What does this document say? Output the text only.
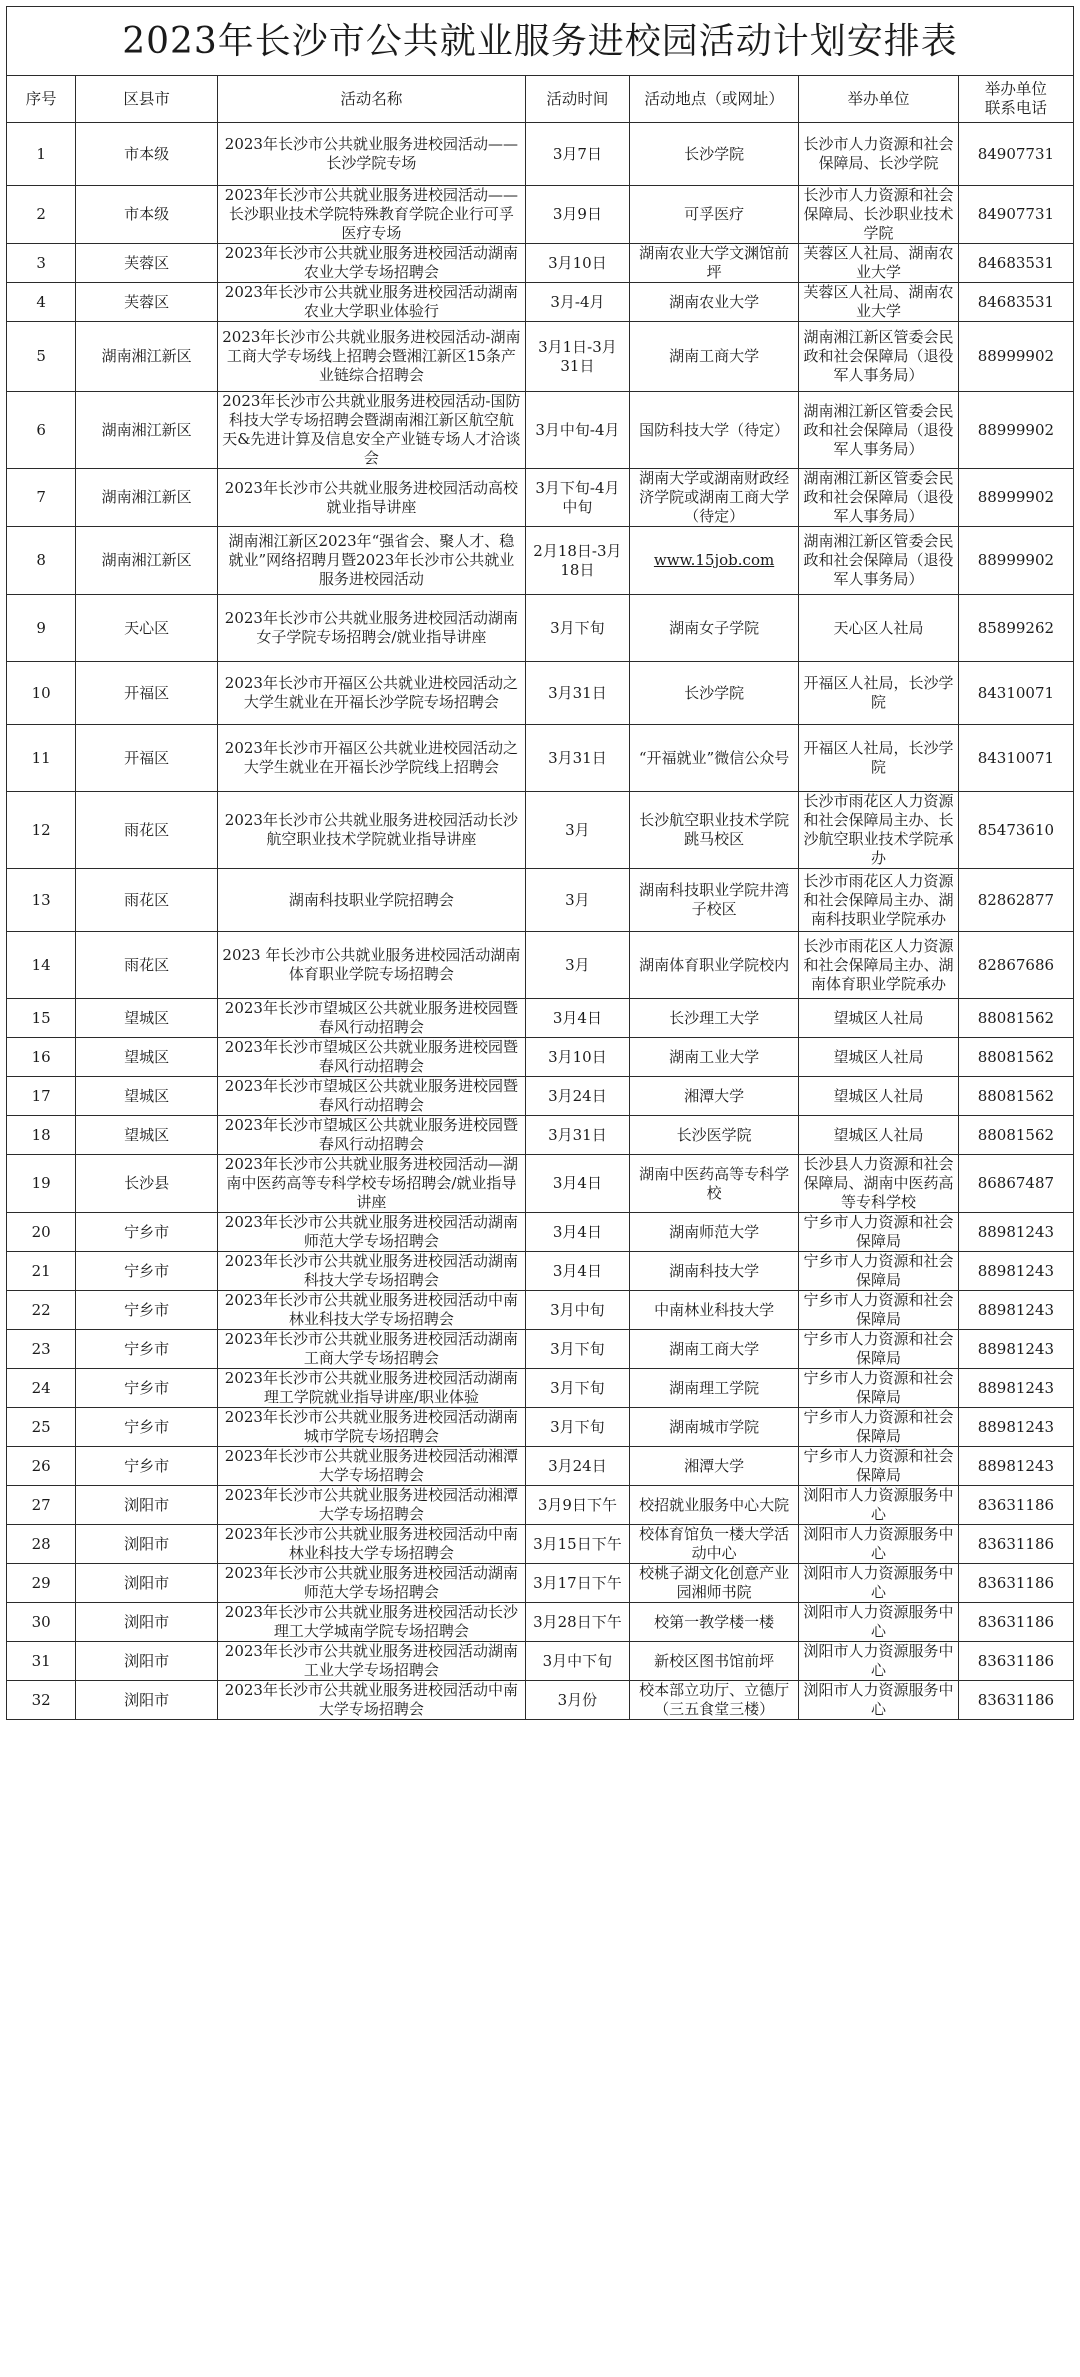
2023年长沙市公共就业服务进校园活动计划安排表						
序号	区县市	活动名称	活动时间	活动地点（或网址）	举办单位	举办单位
联系电话

1	市本级	2023年长沙市公共就业服务进校园活动——长沙学院专场	3月7日	长沙学院	长沙市人力资源和社会保障局、长沙学院	84907731
2	市本级	2023年长沙市公共就业服务进校园活动——长沙职业技术学院特殊教育学院企业行可孚医疗专场	3月9日	可孚医疗	长沙市人力资源和社会保障局、长沙职业技术学院	84907731
3	芙蓉区	2023年长沙市公共就业服务进校园活动湖南农业大学专场招聘会	3月10日	湖南农业大学文渊馆前坪	芙蓉区人社局、湖南农业大学	84683531
4	芙蓉区	2023年长沙市公共就业服务进校园活动湖南农业大学职业体验行	3月-4月	湖南农业大学	芙蓉区人社局、湖南农业大学	84683531
5	湖南湘江新区	2023年长沙市公共就业服务进校园活动-湖南工商大学专场线上招聘会暨湘江新区15条产业链综合招聘会	3月1日-3月31日	湖南工商大学	湖南湘江新区管委会民政和社会保障局（退役军人事务局）	88999902
6	湖南湘江新区	2023年长沙市公共就业服务进校园活动-国防科技大学专场招聘会暨湖南湘江新区航空航天&先进计算及信息安全产业链专场人才洽谈会	3月中旬-4月	国防科技大学（待定）	湖南湘江新区管委会民政和社会保障局（退役军人事务局）	88999902
7	湖南湘江新区	2023年长沙市公共就业服务进校园活动高校就业指导讲座	3月下旬-4月中旬	湖南大学或湖南财政经济学院或湖南工商大学（待定）	湖南湘江新区管委会民政和社会保障局（退役军人事务局）	88999902
8	湖南湘江新区	湖南湘江新区2023年“强省会、聚人才、稳就业”网络招聘月暨2023年长沙市公共就业服务进校园活动	2月18日-3月18日	www.15job.com	湖南湘江新区管委会民政和社会保障局（退役军人事务局）	88999902
9	天心区	2023年长沙市公共就业服务进校园活动湖南女子学院专场招聘会/就业指导讲座	3月下旬	湖南女子学院	天心区人社局	85899262
10	开福区	2023年长沙市开福区公共就业进校园活动之大学生就业在开福长沙学院专场招聘会	3月31日	长沙学院	开福区人社局，长沙学院	84310071
11	开福区	2023年长沙市开福区公共就业进校园活动之大学生就业在开福长沙学院线上招聘会	3月31日	“开福就业”微信公众号	开福区人社局，长沙学院	84310071
12	雨花区	2023年长沙市公共就业服务进校园活动长沙航空职业技术学院就业指导讲座	3月	长沙航空职业技术学院跳马校区	长沙市雨花区人力资源和社会保障局主办、长沙航空职业技术学院承办	85473610
13	雨花区	湖南科技职业学院招聘会	3月	湖南科技职业学院井湾子校区	长沙市雨花区人力资源和社会保障局主办、湖南科技职业学院承办	82862877
14	雨花区	2023 年长沙市公共就业服务进校园活动湖南体育职业学院专场招聘会	3月	湖南体育职业学院校内	长沙市雨花区人力资源和社会保障局主办、湖南体育职业学院承办	82867686
15	望城区	2023年长沙市望城区公共就业服务进校园暨春风行动招聘会	3月4日	长沙理工大学	望城区人社局	88081562
16	望城区	2023年长沙市望城区公共就业服务进校园暨春风行动招聘会	3月10日	湖南工业大学	望城区人社局	88081562
17	望城区	2023年长沙市望城区公共就业服务进校园暨春风行动招聘会	3月24日	湘潭大学	望城区人社局	88081562
18	望城区	2023年长沙市望城区公共就业服务进校园暨春风行动招聘会	3月31日	长沙医学院	望城区人社局	88081562
19	长沙县	2023年长沙市公共就业服务进校园活动—湖南中医药高等专科学校专场招聘会/就业指导讲座	3月4日	湖南中医药高等专科学校	长沙县人力资源和社会保障局、湖南中医药高等专科学校	86867487
20	宁乡市	2023年长沙市公共就业服务进校园活动湖南师范大学专场招聘会	3月4日	湖南师范大学	宁乡市人力资源和社会保障局	88981243
21	宁乡市	2023年长沙市公共就业服务进校园活动湖南科技大学专场招聘会	3月4日	湖南科技大学	宁乡市人力资源和社会保障局	88981243
22	宁乡市	2023年长沙市公共就业服务进校园活动中南林业科技大学专场招聘会	3月中旬	中南林业科技大学	宁乡市人力资源和社会保障局	88981243
23	宁乡市	2023年长沙市公共就业服务进校园活动湖南工商大学专场招聘会	3月下旬	湖南工商大学	宁乡市人力资源和社会保障局	88981243
24	宁乡市	2023年长沙市公共就业服务进校园活动湖南理工学院就业指导讲座/职业体验	3月下旬	湖南理工学院	宁乡市人力资源和社会保障局	88981243
25	宁乡市	2023年长沙市公共就业服务进校园活动湖南城市学院专场招聘会	3月下旬	湖南城市学院	宁乡市人力资源和社会保障局	88981243
26	宁乡市	2023年长沙市公共就业服务进校园活动湘潭大学专场招聘会	3月24日	湘潭大学	宁乡市人力资源和社会保障局	88981243
27	浏阳市	2023年长沙市公共就业服务进校园活动湘潭大学专场招聘会	3月9日下午	校招就业服务中心大院	浏阳市人力资源服务中心	83631186
28	浏阳市	2023年长沙市公共就业服务进校园活动中南林业科技大学专场招聘会	3月15日下午	校体育馆负一楼大学活动中心	浏阳市人力资源服务中心	83631186
29	浏阳市	2023年长沙市公共就业服务进校园活动湖南师范大学专场招聘会	3月17日下午	校桃子湖文化创意产业园湘师书院	浏阳市人力资源服务中心	83631186
30	浏阳市	2023年长沙市公共就业服务进校园活动长沙理工大学城南学院专场招聘会	3月28日下午	校第一教学楼一楼	浏阳市人力资源服务中心	83631186
31	浏阳市	2023年长沙市公共就业服务进校园活动湖南工业大学专场招聘会	3月中下旬	新校区图书馆前坪	浏阳市人力资源服务中心	83631186
32	浏阳市	2023年长沙市公共就业服务进校园活动中南大学专场招聘会	3月份	校本部立功厅、立德厅（三五食堂三楼）	浏阳市人力资源服务中心	83631186
